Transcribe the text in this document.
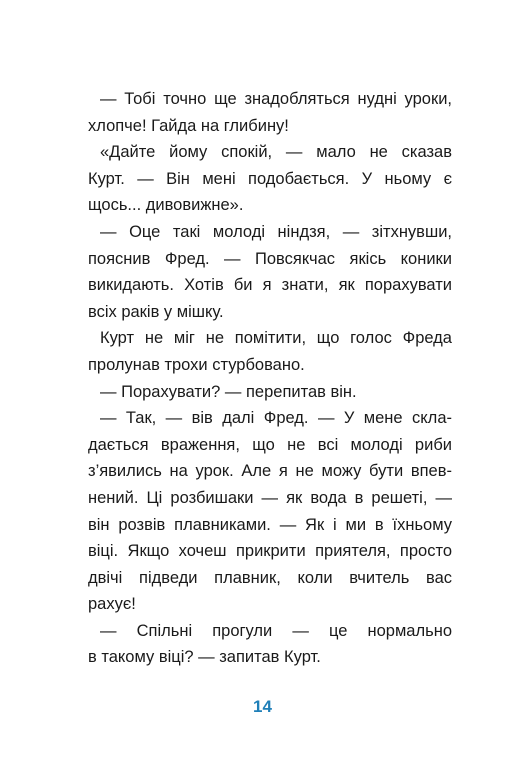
— Тобі точно ще знадобляться нудні уроки,
хлопче! Гайда на глибину!
«Дайте йому спокій, — мало не сказав
Курт. — Він мені подобається. У ньому є
щось... дивовижне».
— Оце такі молоді ніндзя, — зітхнувши,
пояснив Фред. — Повсякчас якісь коники
викидають. Хотів би я знати, як порахувати
всіх раків у мішку.
Курт не міг не помітити, що голос Фреда
пролунав трохи стурбовано.
— Порахувати? — перепитав він.
— Так, — вів далі Фред. — У мене скла-
дається враження, що не всі молоді риби
з’явились на урок. Але я не можу бути впев-
нений. Ці розбишаки — як вода в решеті, —
він розвів плавниками. — Як і ми в їхньому
віці. Якщо хочеш прикрити приятеля, просто
двічі підведи плавник, коли вчитель вас
рахує!
— Спільні прогули — це нормально
в такому віці? — запитав Курт.
14
